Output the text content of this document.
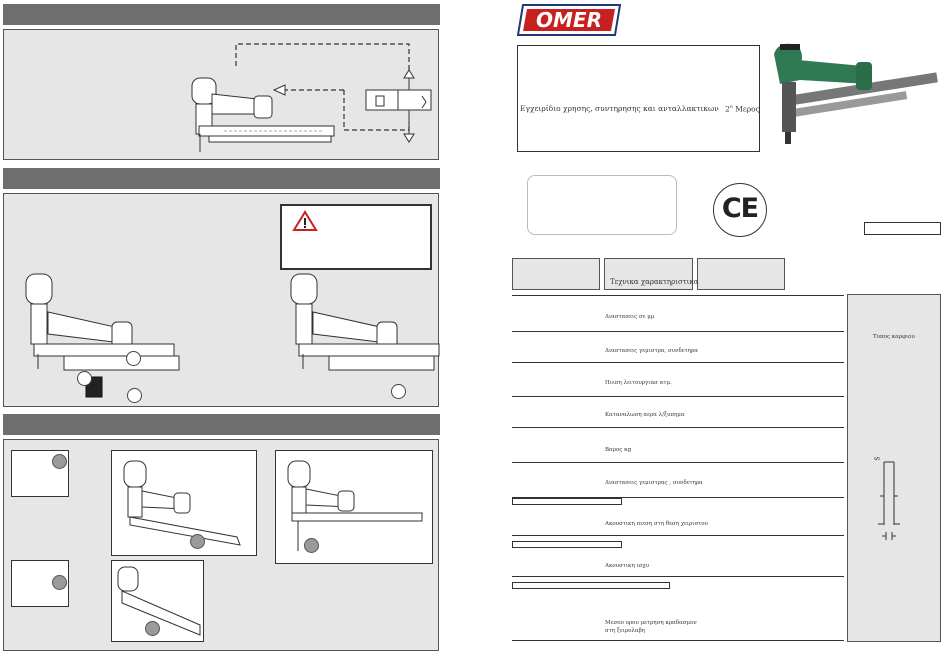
OMER
Εγχειρίδιο χρησης, συντηρησης και ανταλλακτικων $2^o$ Μερος
CE
Τεχνικα χαρακτηριστικα
Διαστασεις σε μμ
Διαστασεις γεμιστρα, συνδετηρα
Πιεση λειτουργιασ ατμ.
Καταναλωση αερα λ/ξυπημα
Βαρος κg
Διαστασεις γεμιστρας , συνδετηρα
Ακουστικη πιεση στη θεση χειριστου
Ακουστικη ισχυ
Μεσου ορου μετρηση κραδασμον
στη ξειρολαβη
Τυπος καρφιου
S
